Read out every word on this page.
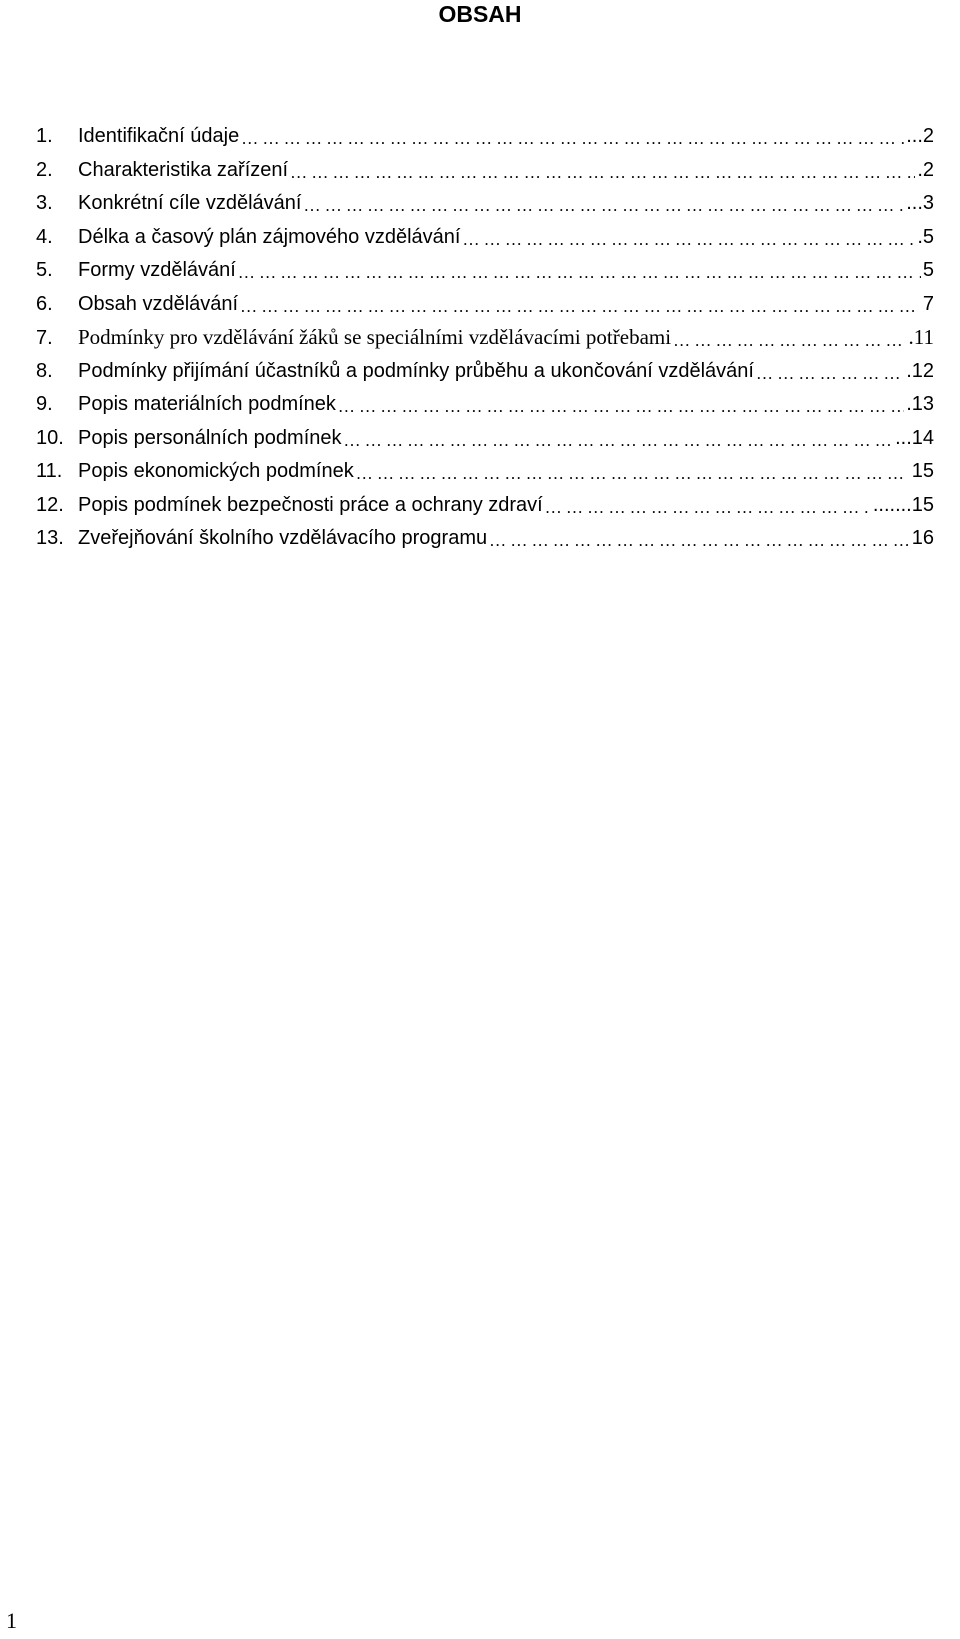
OBSAH
1.	Identifikační údaje … … … … … … … … … … … … … … … … … … … … … … … … … … … … … … … … … … … … … … … … … … … … … … … … … … … … … … …	...2
2.	Charakteristika zařízení … … … … … … … … … … … … … … … … … … … … … … … … … … … … … … … … … … … … … … … … … … … … … … … … … … … … … … …	.2
3.	Konkrétní cíle vzdělávání … … … … … … … … … … … … … … … … … … … … … … … … … … … … … … … … … … … … … … … … … … … … … … … … … … … … … … …	...3
4.	Délka a časový plán zájmového vzdělávání … … … … … … … … … … … … … … … … … … … … … … … … … … … … … … … … … … … … … … … … … … … … … … … … … … … … … … …	.5
5.	Formy vzdělávání … … … … … … … … … … … … … … … … … … … … … … … … … … … … … … … … … … … … … … … … … … … … … … … … … … … … … … …	5
6.	Obsah vzdělávání … … … … … … … … … … … … … … … … … … … … … … … … … … … … … … … … … … … … … … … … … … … … … … … … … … … … … … …	7
7.	Podmínky pro vzdělávání žáků se speciálními vzdělávacími potřebami … … … … … … … … … … … … … … … … … … … … … … … … … … … … … … … … … … … … … … … … … … … … … … … … … … … … … … …	.11
8.	Podmínky přijímání účastníků a podmínky průběhu a ukončování vzdělávání … … … … … … … … … … … … … … … … … … … … … … … … … … … … … … … … … … … … … … … … … … … … … … … … … … … … … … …	.12
9.	Popis materiálních podmínek … … … … … … … … … … … … … … … … … … … … … … … … … … … … … … … … … … … … … … … … … … … … … … … … … … … … … … …	.13
10. Popis personálních podmínek … … … … … … … … … … … … … … … … … … … … … … … … … … … … … … … … … … … … … … … … … … … … … … … … … … … … … … …	...14
11. Popis ekonomických podmínek … … … … … … … … … … … … … … … … … … … … … … … … … … … … … … … … … … … … … … … … … … … … … … … … … … … … … … …	15
12. Popis podmínek bezpečnosti práce a ochrany zdraví … … … … … … … … … … … … … … … … … … … … … … … … … … … … … … … … … … … … … … … … … … … … … … … … … … … … … … …	.......15
13. Zveřejňování školního vzdělávacího programu … … … … … … … … … … … … … … … … … … … … … … … … … … … … … … … … … … … … … … … … … … … … … … … … … … … … … … …	16
1
